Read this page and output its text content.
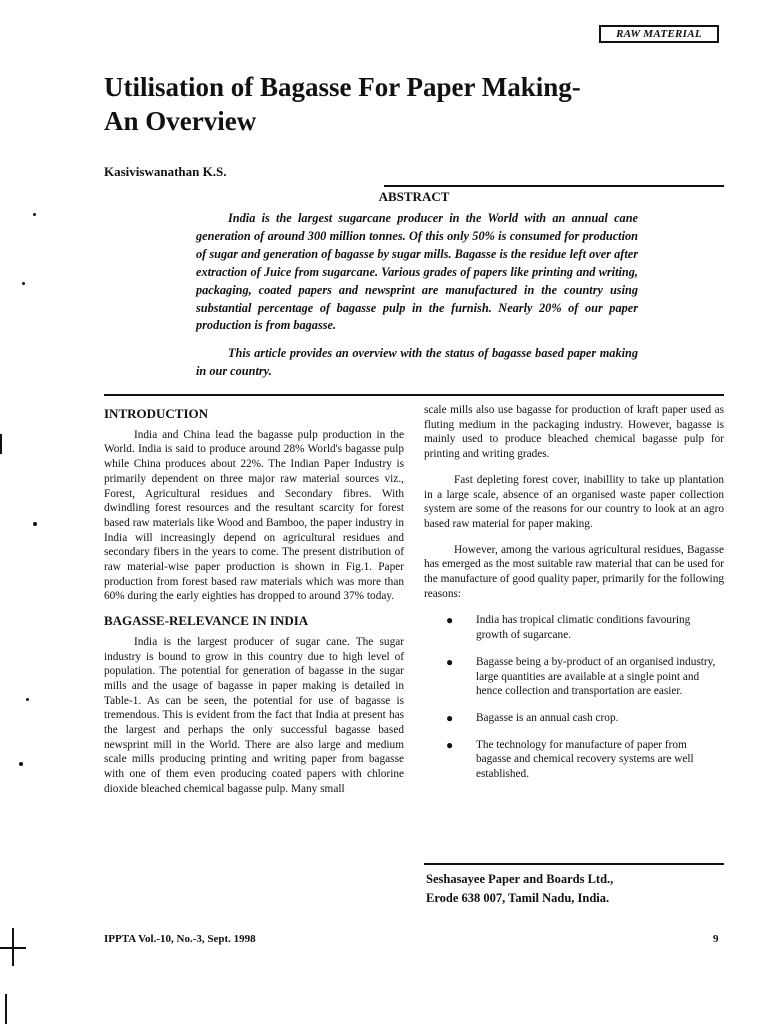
RAW MATERIAL
Utilisation of Bagasse For Paper Making-
An Overview
Kasiviswanathan K.S.
ABSTRACT

India is the largest sugarcane producer in the World with an annual cane generation of around 300 million tonnes. Of this only 50% is consumed for production of sugar and generation of bagasse by sugar mills. Bagasse is the residue left over after extraction of Juice from sugarcane. Various grades of papers like printing and writing, packaging, coated papers and newsprint are manufactured in the country using substantial percentage of bagasse pulp in the furnish. Nearly 20% of our paper production is from bagasse.

This article provides an overview with the status of bagasse based paper making in our country.

INTRODUCTION

India and China lead the bagasse pulp production in the World. India is said to produce around 28% World's bagasse pulp while China produces about 22%. The Indian Paper Industry is primarily dependent on three major raw material sources viz., Forest, Agricultural residues and Secondary fibres. With dwindling forest resources and the resultant scarcity for forest based raw materials like Wood and Bamboo, the paper industry in India will increasingly depend on agricultural residues and secondary fibers in the years to come. The present distribution of raw material-wise paper production is shown in Fig.1. Paper production from forest based raw materials which was more than 60% during the early eighties has dropped to around 37% today.

BAGASSE-RELEVANCE IN INDIA

India is the largest producer of sugar cane. The sugar industry is bound to grow in this country due to high level of population. The potential for generation of bagasse in the sugar mills and the usage of bagasse in paper making is detailed in Table-1. As can be seen, the potential for use of bagasse is tremendous. This is evident from the fact that India at present has the largest and perhaps the only successful bagasse based newsprint mill in the World. There are also large and medium scale mills producing printing and writing paper from bagasse with one of them even producing coated papers with chlorine dioxide bleached chemical bagasse pulp. Many small

scale mills also use bagasse for production of kraft paper used as fluting medium in the packaging industry. However, bagasse is mainly used to produce bleached chemical bagasse pulp for printing and writing grades.

Fast depleting forest cover, inabillity to take up plantation in a large scale, absence of an organised waste paper collection system are some of the reasons for our country to look at an agro based raw material for paper making.

However, among the various agricultural residues, Bagasse has emerged as the most suitable raw material that can be used for the manufacture of good quality paper, primarily for the following reasons:

● India has tropical climatic conditions favouring growth of sugarcane.
● Bagasse being a by-product of an organised industry, large quantities are available at a single point and hence collection and transportation are easier.
● Bagasse is an annual cash crop.
● The technology for manufacture of paper from bagasse and chemical recovery systems are well established.
Seshasayee Paper and Boards Ltd.,
Erode 638 007, Tamil Nadu, India.
IPPTA Vol.-10, No.-3, Sept. 1998	9
